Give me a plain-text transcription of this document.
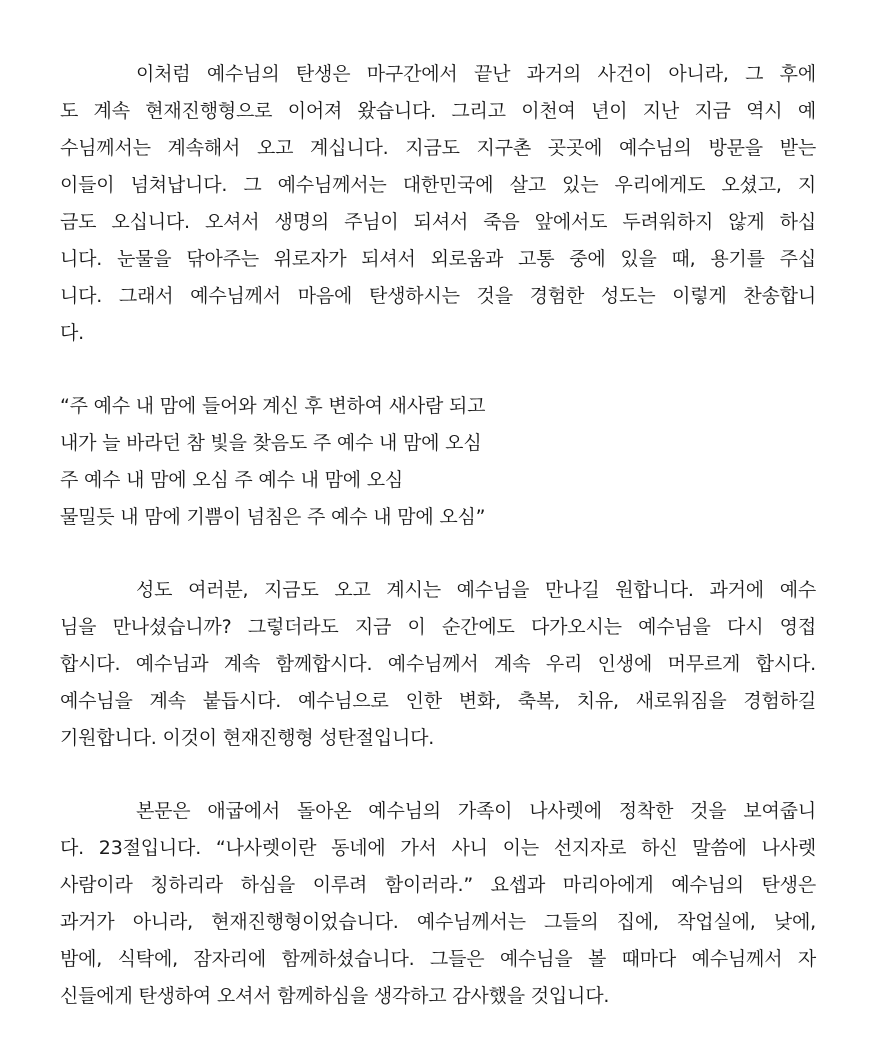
이처럼 예수님의 탄생은 마구간에서 끝난 과거의 사건이 아니라, 그 후에
도 계속 현재진행형으로 이어져 왔습니다. 그리고 이천여 년이 지난 지금 역시 예
수님께서는 계속해서 오고 계십니다. 지금도 지구촌 곳곳에 예수님의 방문을 받는
이들이 넘쳐납니다. 그 예수님께서는 대한민국에 살고 있는 우리에게도 오셨고, 지
금도 오십니다. 오셔서 생명의 주님이 되셔서 죽음 앞에서도 두려워하지 않게 하십
니다. 눈물을 닦아주는 위로자가 되셔서 외로움과 고통 중에 있을 때, 용기를 주십
니다. 그래서 예수님께서 마음에 탄생하시는 것을 경험한 성도는 이렇게 찬송합니
다.
“주 예수 내 맘에 들어와 계신 후 변하여 새사람 되고
내가 늘 바라던 참 빛을 찾음도 주 예수 내 맘에 오심
주 예수 내 맘에 오심 주 예수 내 맘에 오심
물밀듯 내 맘에 기쁨이 넘침은 주 예수 내 맘에 오심”
성도 여러분, 지금도 오고 계시는 예수님을 만나길 원합니다. 과거에 예수
님을 만나셨습니까? 그렇더라도 지금 이 순간에도 다가오시는 예수님을 다시 영접
합시다. 예수님과 계속 함께합시다. 예수님께서 계속 우리 인생에 머무르게 합시다.
예수님을 계속 붙듭시다. 예수님으로 인한 변화, 축복, 치유, 새로워짐을 경험하길
기원합니다. 이것이 현재진행형 성탄절입니다.
본문은 애굽에서 돌아온 예수님의 가족이 나사렛에 정착한 것을 보여줍니
다. 23절입니다. “나사렛이란 동네에 가서 사니 이는 선지자로 하신 말씀에 나사렛
사람이라 칭하리라 하심을 이루려 함이러라.” 요셉과 마리아에게 예수님의 탄생은
과거가 아니라, 현재진행형이었습니다. 예수님께서는 그들의 집에, 작업실에, 낮에,
밤에, 식탁에, 잠자리에 함께하셨습니다. 그들은 예수님을 볼 때마다 예수님께서 자
신들에게 탄생하여 오셔서 함께하심을 생각하고 감사했을 것입니다.
